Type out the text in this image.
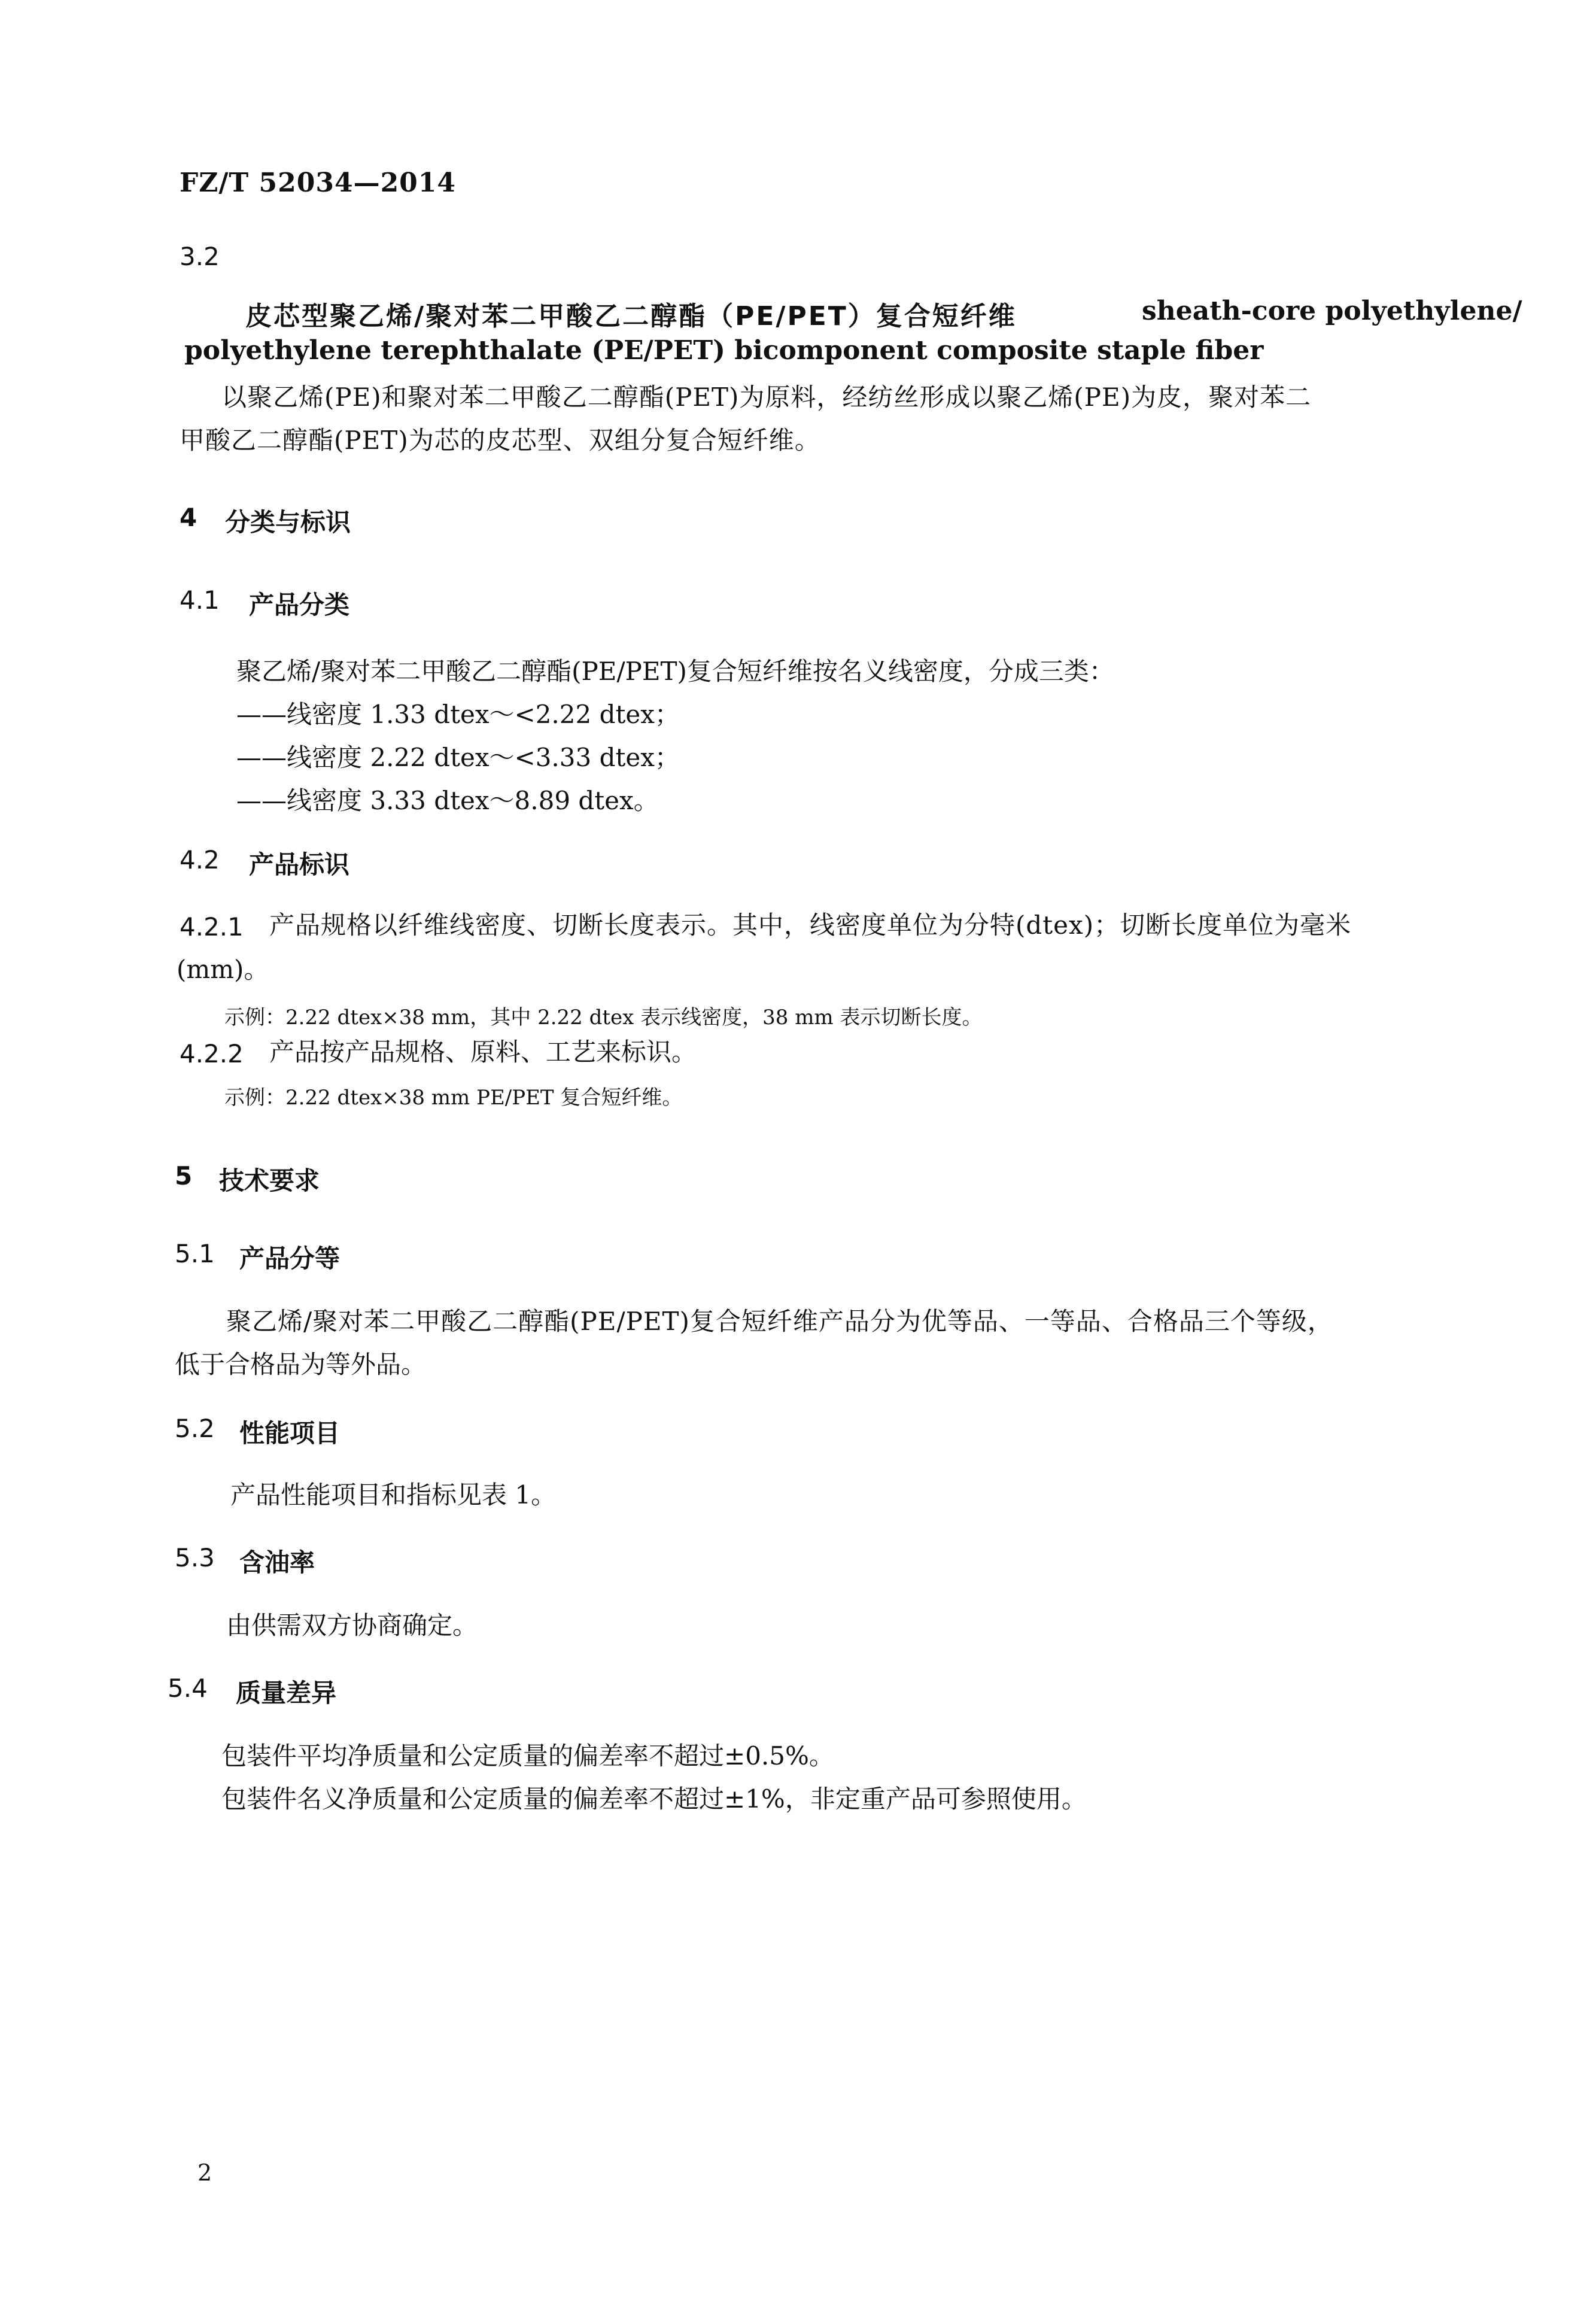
FZ/T 52034—2014
3.2
皮芯型聚乙烯/聚对苯二甲酸乙二醇酯（PE/PET）复合短纤维	sheath-core polyethylene/
polyethylene terephthalate (PE/PET) bicomponent composite staple fiber
以聚乙烯(PE)和聚对苯二甲酸乙二醇酯(PET)为原料，经纺丝形成以聚乙烯(PE)为皮，聚对苯二
甲酸乙二醇酯(PET)为芯的皮芯型、双组分复合短纤维。
4 分类与标识
4.1 产品分类
聚乙烯/聚对苯二甲酸乙二醇酯(PE/PET)复合短纤维按名义线密度，分成三类：
——线密度 1.33 dtex～<2.22 dtex；
——线密度 2.22 dtex～<3.33 dtex；
——线密度 3.33 dtex～8.89 dtex。
4.2 产品标识
4.2.1 产品规格以纤维线密度、切断长度表示。其中，线密度单位为分特(dtex)；切断长度单位为毫米
(mm)。
示例：2.22 dtex×38 mm，其中 2.22 dtex 表示线密度，38 mm 表示切断长度。
4.2.2 产品按产品规格、原料、工艺来标识。
示例：2.22 dtex×38 mm PE/PET 复合短纤维。
5 技术要求
5.1 产品分等
聚乙烯/聚对苯二甲酸乙二醇酯(PE/PET)复合短纤维产品分为优等品、一等品、合格品三个等级，
低于合格品为等外品。
5.2 性能项目
产品性能项目和指标见表 1。
5.3 含油率
由供需双方协商确定。
5.4 质量差异
包装件平均净质量和公定质量的偏差率不超过±0.5%。
包装件名义净质量和公定质量的偏差率不超过±1%，非定重产品可参照使用。
2
